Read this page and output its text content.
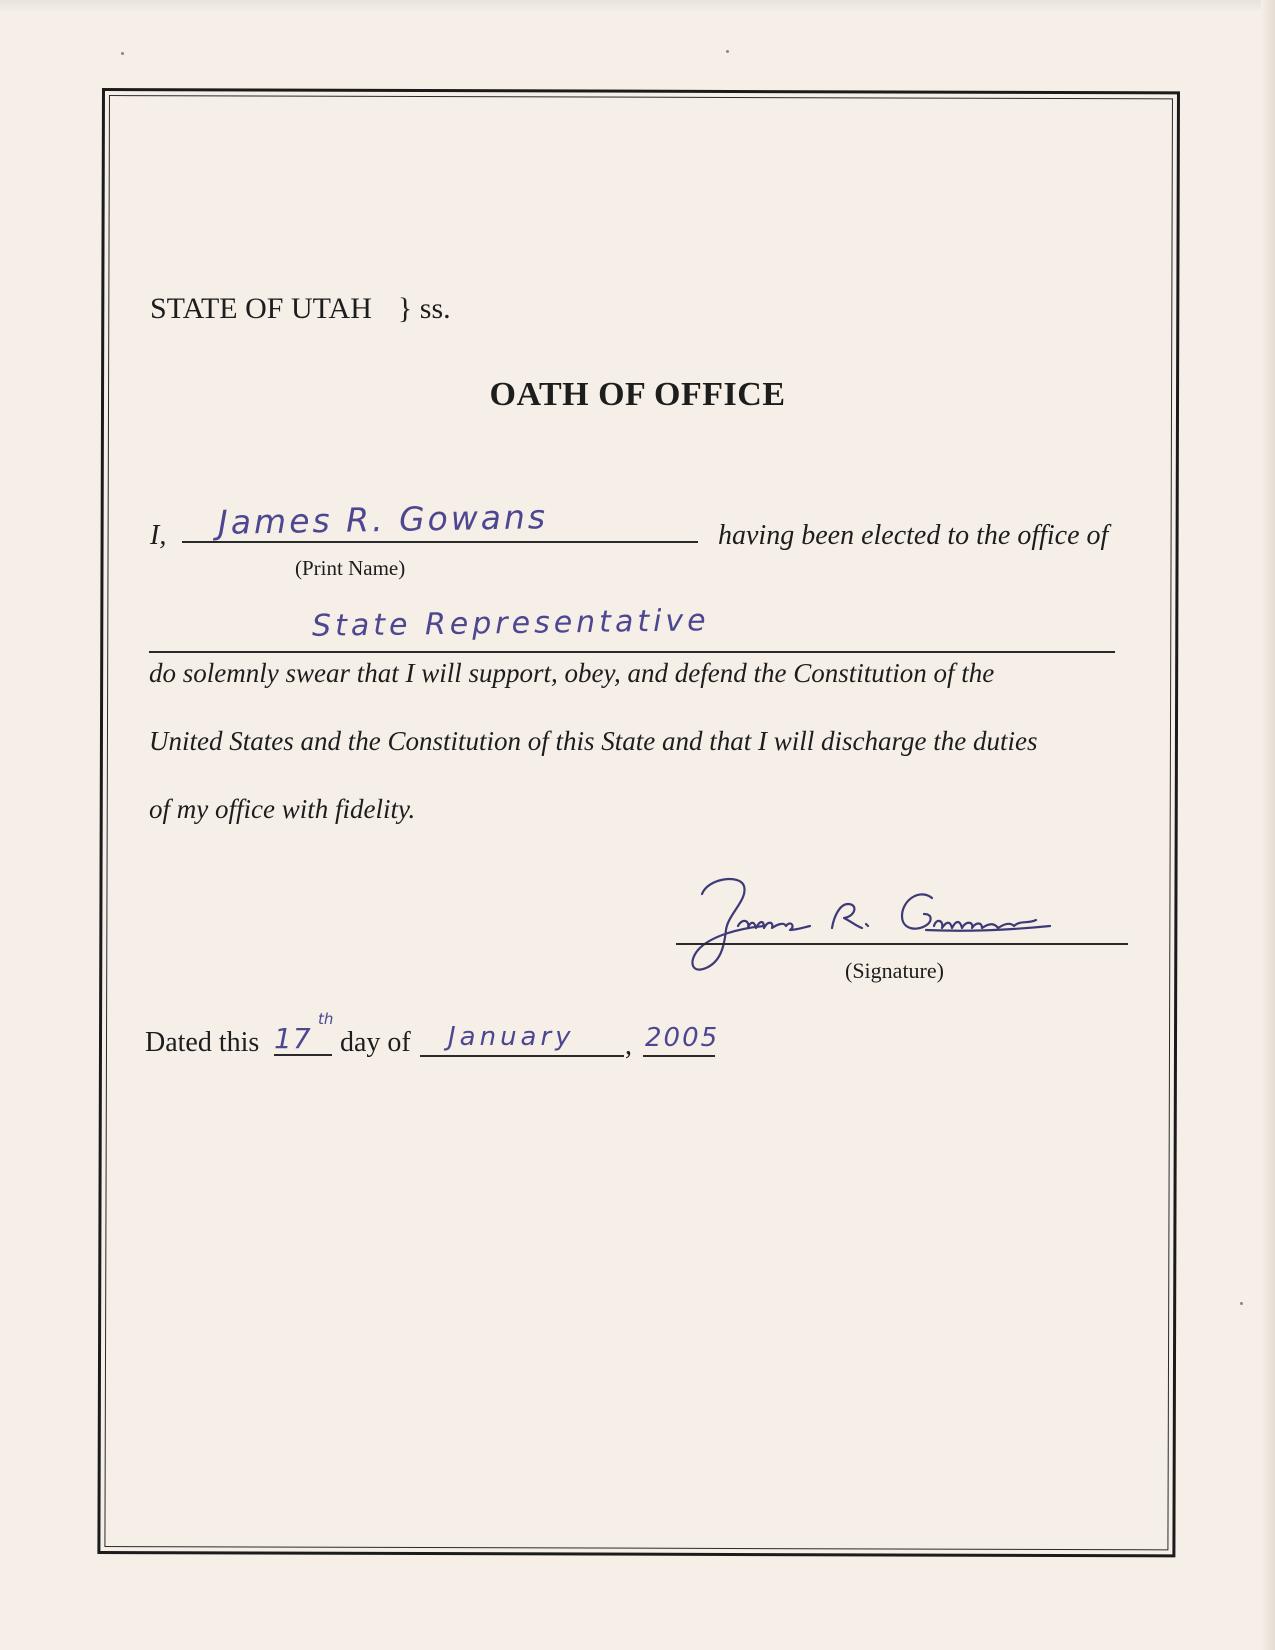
STATE OF UTAH } ss.
OATH OF OFFICE
I, James R. Gowans	having been elected to the office of
(Print Name)
State Representative
do solemnly swear that I will support, obey, and defend the Constitution of the
United States and the Constitution of this State and that I will discharge the duties
of my office with fidelity.
(Signature)
Dated this 17
th
day of January , 2005
